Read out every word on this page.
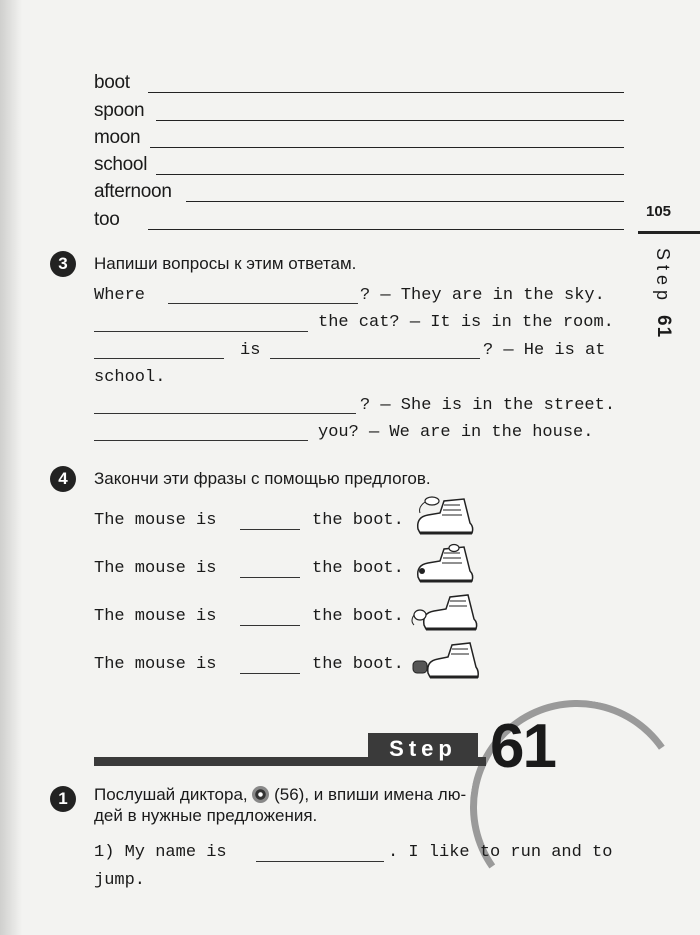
boot
spoon
moon
school
afternoon
too	105
Step 61
3	Напиши вопросы к этим ответам.
Where	? — They are in the sky.
the cat? — It is in the room.
is	? — He is at
school.
? — She is in the street.
you? — We are in the house.
4	Закончи эти фразы с помощью предлогов.
The mouse is	the boot.
The mouse is	the boot.
The mouse is	the boot.
The mouse is	the boot.
Step 61
1	Послушай диктора, (56), и впиши имена лю-
дей в нужные предложения.
1) My name is	. I like to run and to
jump.
